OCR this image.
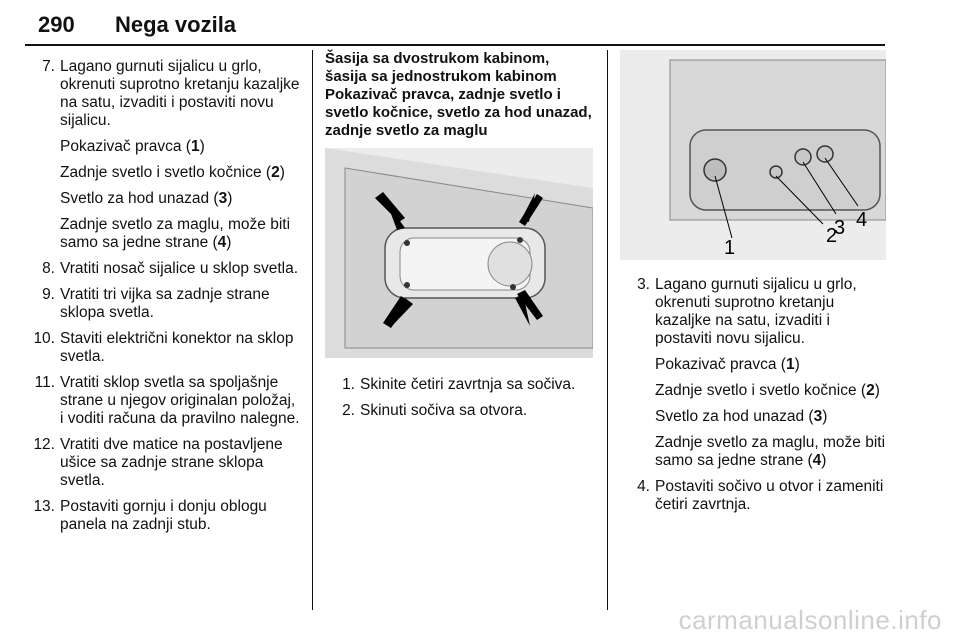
290 Nega vozila
7. Lagano gurnuti sijalicu u grlo, okrenuti suprotno kretanju kazaljke na satu, izvaditi i postaviti novu sijalicu.
Pokazivač pravca (1)
Zadnje svetlo i svetlo kočnice (2)
Svetlo za hod unazad (3)
Zadnje svetlo za maglu, može biti samo sa jedne strane (4)
8. Vratiti nosač sijalice u sklop svetla.
9. Vratiti tri vijka sa zadnje strane sklopa svetla.
10. Staviti električni konektor na sklop svetla.
11. Vratiti sklop svetla sa spoljašnje strane u njegov originalan položaj, i voditi računa da pravilno nalegne.
12. Vratiti dve matice na postavljene ušice sa zadnje strane sklopa svetla.
13. Postaviti gornju i donju oblogu panela na zadnji stub.
Šasija sa dvostrukom kabinom, šasija sa jednostrukom kabinom
Pokazivač pravca, zadnje svetlo i svetlo kočnice, svetlo za hod unazad, zadnje svetlo za maglu
1. Skinite četiri zavrtnja sa sočiva.
2. Skinuti sočiva sa otvora.
1
2
3 4
3. Lagano gurnuti sijalicu u grlo, okrenuti suprotno kretanju kazaljke na satu, izvaditi i postaviti novu sijalicu.
Pokazivač pravca (1)
Zadnje svetlo i svetlo kočnice (2)
Svetlo za hod unazad (3)
Zadnje svetlo za maglu, može biti samo sa jedne strane (4)
4. Postaviti sočivo u otvor i zameniti četiri zavrtnja.
carmanualsonline.info
